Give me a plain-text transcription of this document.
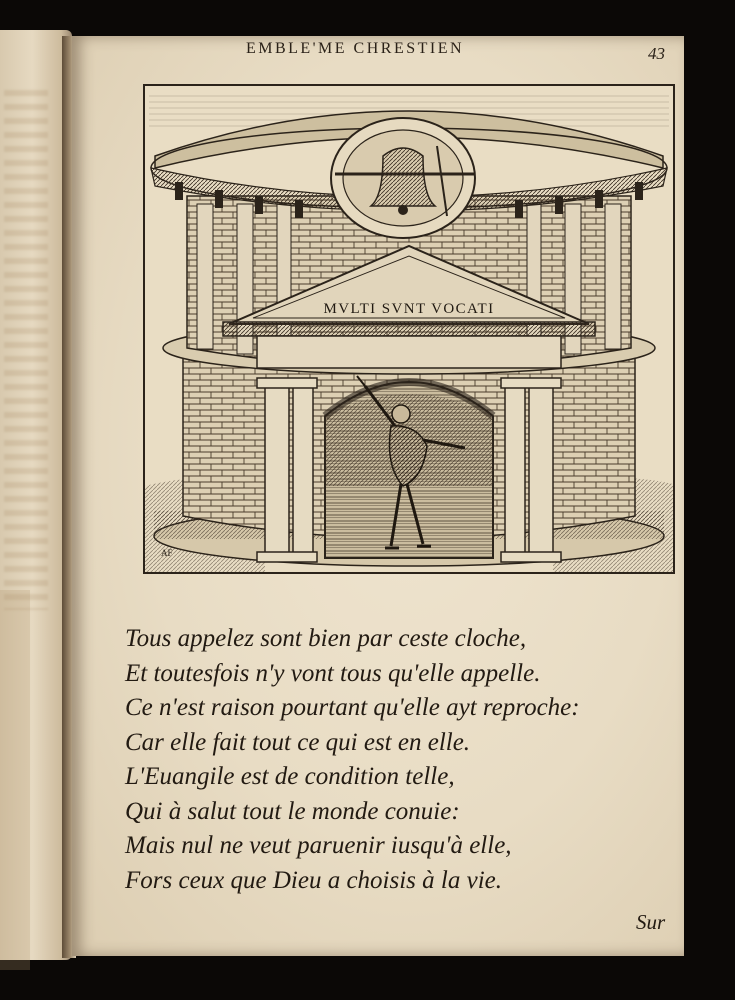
EMBLE'ME CHRESTIEN	43
MVLTI SVNT VOCATI
AF
Tous appelez sont bien par ceste cloche,
Et toutesfois n'y vont tous qu'elle appelle.
Ce n'est raison pourtant qu'elle ayt reproche:
Car elle fait tout ce qui est en elle.
L'Euangile est de condition telle,
Qui à salut tout le monde conuie:
Mais nul ne veut paruenir iusqu'à elle,
Fors ceux que Dieu a choisis à la vie.
Sur
